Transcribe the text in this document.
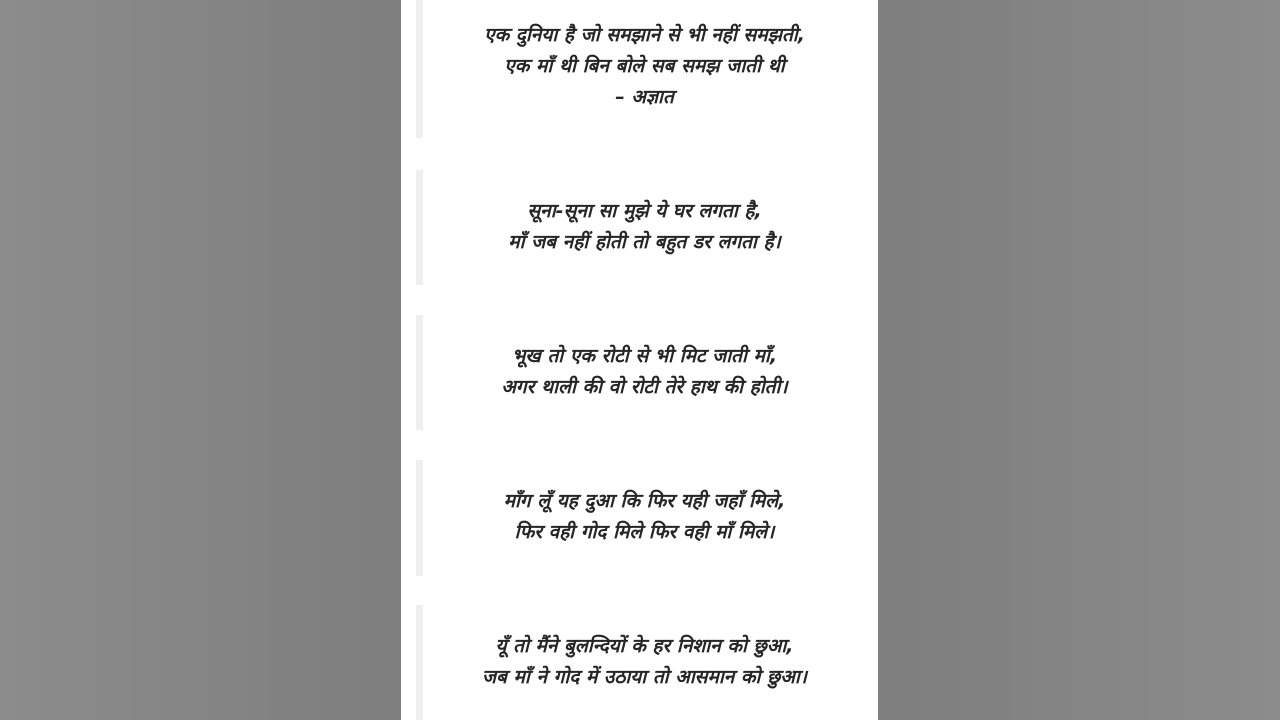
एक दुनिया है जो समझाने से भी नहीं समझती,
एक माँ थी बिन बोले सब समझ जाती थी
– अज्ञात
सूना-सूना सा मुझे ये घर लगता है,
माँ जब नहीं होती तो बहुत डर लगता है।
भूख तो एक रोटी से भी मिट जाती माँ,
अगर थाली की वो रोटी तेरे हाथ की होती।
माँग लूँ यह दुआ कि फिर यही जहाँ मिले,
फिर वही गोद मिले फिर वही माँ मिले।
यूँ तो मैंने बुलन्दियों के हर निशान को छुआ,
जब माँ ने गोद में उठाया तो आसमान को छुआ।
